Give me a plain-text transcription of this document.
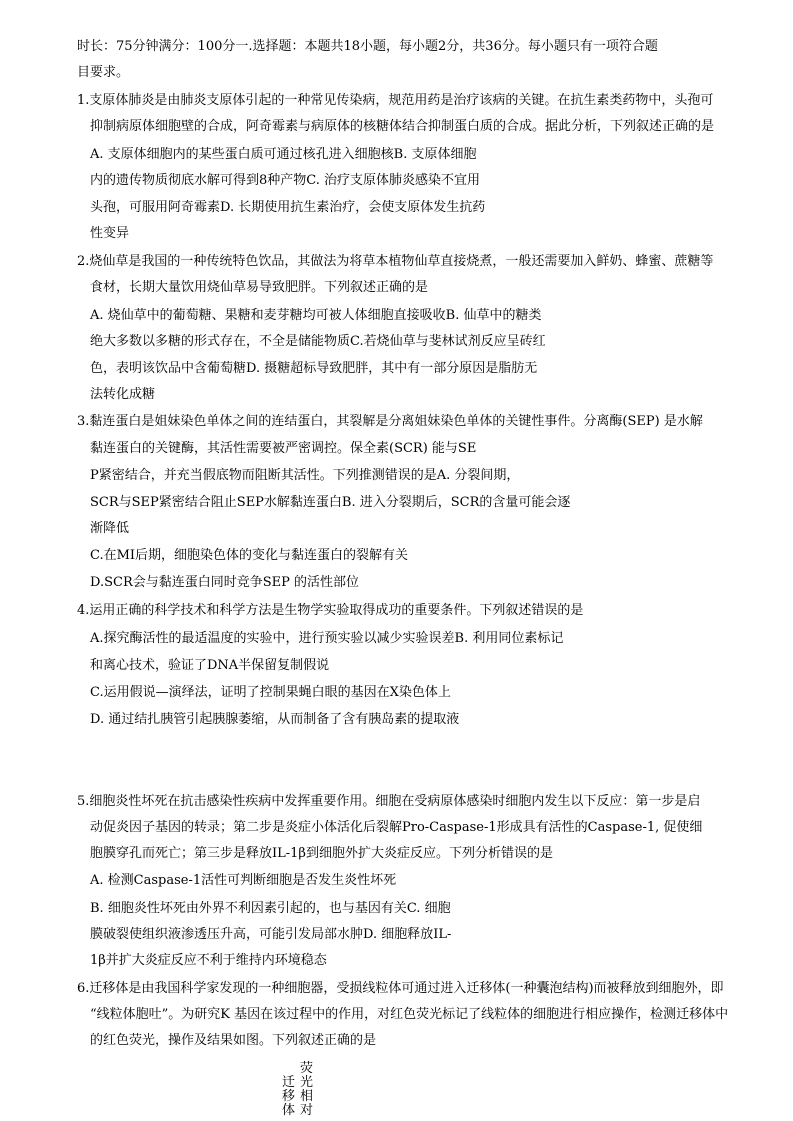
时长：75分钟满分：100分一.选择题：本题共18小题，每小题2分，共36分。每小题只有一项符合题
目要求。
1.支原体肺炎是由肺炎支原体引起的一种常见传染病，规范用药是治疗该病的关键。在抗生素类药物中，头孢可
抑制病原体细胞壁的合成，阿奇霉素与病原体的核糖体结合抑制蛋白质的合成。据此分析，下列叙述正确的是
A. 支原体细胞内的某些蛋白质可通过核孔进入细胞核B. 支原体细胞
内的遗传物质彻底水解可得到8种产物C. 治疗支原体肺炎感染不宜用
头孢，可服用阿奇霉素D. 长期使用抗生素治疗，会使支原体发生抗药
性变异
2.烧仙草是我国的一种传统特色饮品，其做法为将草本植物仙草直接烧煮，一般还需要加入鲜奶、蜂蜜、蔗糖等
食材，长期大量饮用烧仙草易导致肥胖。下列叙述正确的是
A. 烧仙草中的葡萄糖、果糖和麦芽糖均可被人体细胞直接吸收B. 仙草中的糖类
绝大多数以多糖的形式存在，不全是储能物质C.若烧仙草与斐林试剂反应呈砖红
色，表明该饮品中含葡萄糖D. 摄糖超标导致肥胖，其中有一部分原因是脂肪无
法转化成糖
3.黏连蛋白是姐妹染色单体之间的连结蛋白，其裂解是分离姐妹染色单体的关键性事件。分离酶(SEP) 是水解
黏连蛋白的关键酶，其活性需要被严密调控。保全素(SCR) 能与SE
P紧密结合，并充当假底物而阻断其活性。下列推测错误的是A. 分裂间期，
SCR与SEP紧密结合阻止SEP水解黏连蛋白B. 进入分裂期后，SCR的含量可能会逐
渐降低
C.在MI后期，细胞染色体的变化与黏连蛋白的裂解有关
D.SCR会与黏连蛋白同时竞争SEP 的活性部位
4.运用正确的科学技术和科学方法是生物学实验取得成功的重要条件。下列叙述错误的是
A.探究酶活性的最适温度的实验中，进行预实验以减少实验误差B. 利用同位素标记
和离心技术，验证了DNA半保留复制假说
C.运用假说—演绎法，证明了控制果蝇白眼的基因在X染色体上
D. 通过结扎胰管引起胰腺萎缩，从而制备了含有胰岛素的提取液
5.细胞炎性坏死在抗击感染性疾病中发挥重要作用。细胞在受病原体感染时细胞内发生以下反应：第一步是启
动促炎因子基因的转录；第二步是炎症小体活化后裂解Pro-Caspase-1形成具有活性的Caspase-1, 促使细
胞膜穿孔而死亡；第三步是释放IL-1β到细胞外扩大炎症反应。下列分析错误的是
A. 检测Caspase-1活性可判断细胞是否发生炎性坏死
B. 细胞炎性坏死由外界不利因素引起的，也与基因有关C. 细胞
膜破裂使组织液渗透压升高，可能引发局部水肿D. 细胞释放IL-
1β并扩大炎症反应不利于维持内环境稳态
6.迁移体是由我国科学家发现的一种细胞器，受损线粒体可通过进入迁移体(一种囊泡结构)而被释放到细胞外，即
“线粒体胞吐”。为研究K 基因在该过程中的作用，对红色荧光标记了线粒体的细胞进行相应操作，检测迁移体中
的红色荧光，操作及结果如图。下列叙述正确的是
迁移体
荧光相对
